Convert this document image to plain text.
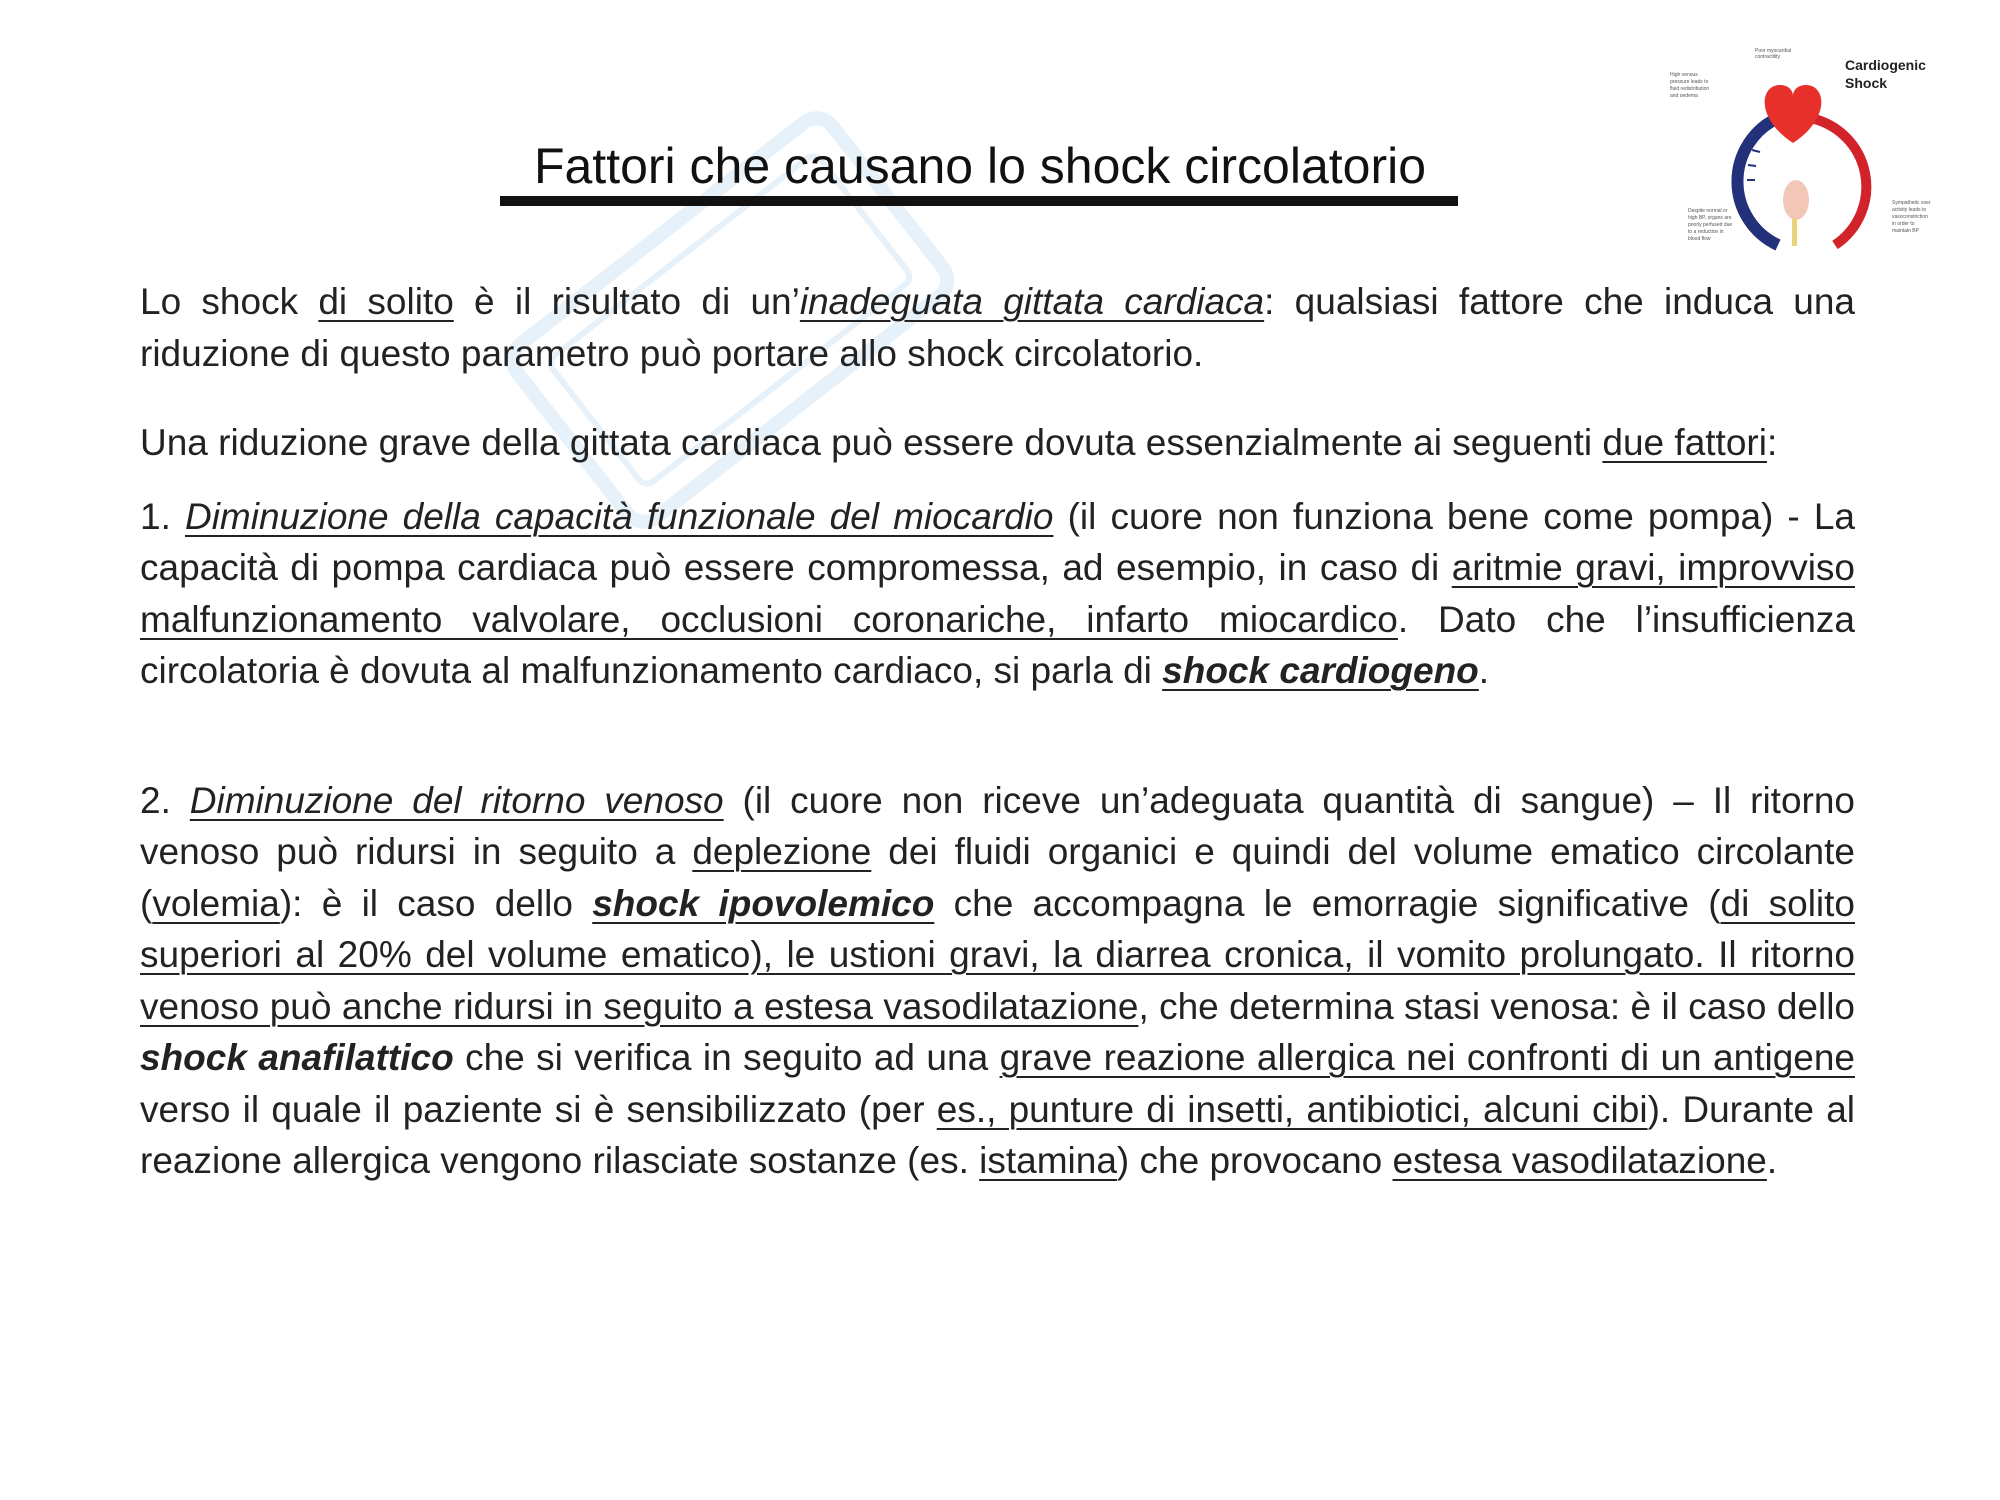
Fattori che causano lo shock circolatorio
Cardiogenic
Shock
Poor myocardial
contractility
High venous
pressure leads to
fluid redistribution
and oedema
Despite normal or
high BP, organs are
poorly perfused due
to a reduction in
blood flow
Sympathetic over
activity leads to
vasoconstriction
in order to
maintain BP

Lo shock di solito è il risultato di un’inadeguata gittata cardiaca: qualsiasi fattore che induca una riduzione di questo parametro può portare allo shock circolatorio.

Una riduzione grave della gittata cardiaca può essere dovuta essenzialmente ai seguenti due fattori:

1. Diminuzione della capacità funzionale del miocardio (il cuore non funziona bene come pompa) - La capacità di pompa cardiaca può essere compromessa, ad esempio, in caso di aritmie gravi, improvviso malfunzionamento valvolare, occlusioni coronariche, infarto miocardico. Dato che l’insufficienza circolatoria è dovuta al malfunzionamento cardiaco, si parla di shock cardiogeno.

2. Diminuzione del ritorno venoso (il cuore non riceve un’adeguata quantità di sangue) – Il ritorno venoso può ridursi in seguito a deplezione dei fluidi organici e quindi del volume ematico circolante (volemia): è il caso dello shock ipovolemico che accompagna le emorragie significative (di solito superiori al 20% del volume ematico), le ustioni gravi, la diarrea cronica, il vomito prolungato. Il ritorno venoso può anche ridursi in seguito a estesa vasodilatazione, che determina stasi venosa: è il caso dello shock anafilattico che si verifica in seguito ad una grave reazione allergica nei confronti di un antigene verso il quale il paziente si è sensibilizzato (per es., punture di insetti, antibiotici, alcuni cibi). Durante al reazione allergica vengono rilasciate sostanze (es. istamina) che provocano estesa vasodilatazione.
